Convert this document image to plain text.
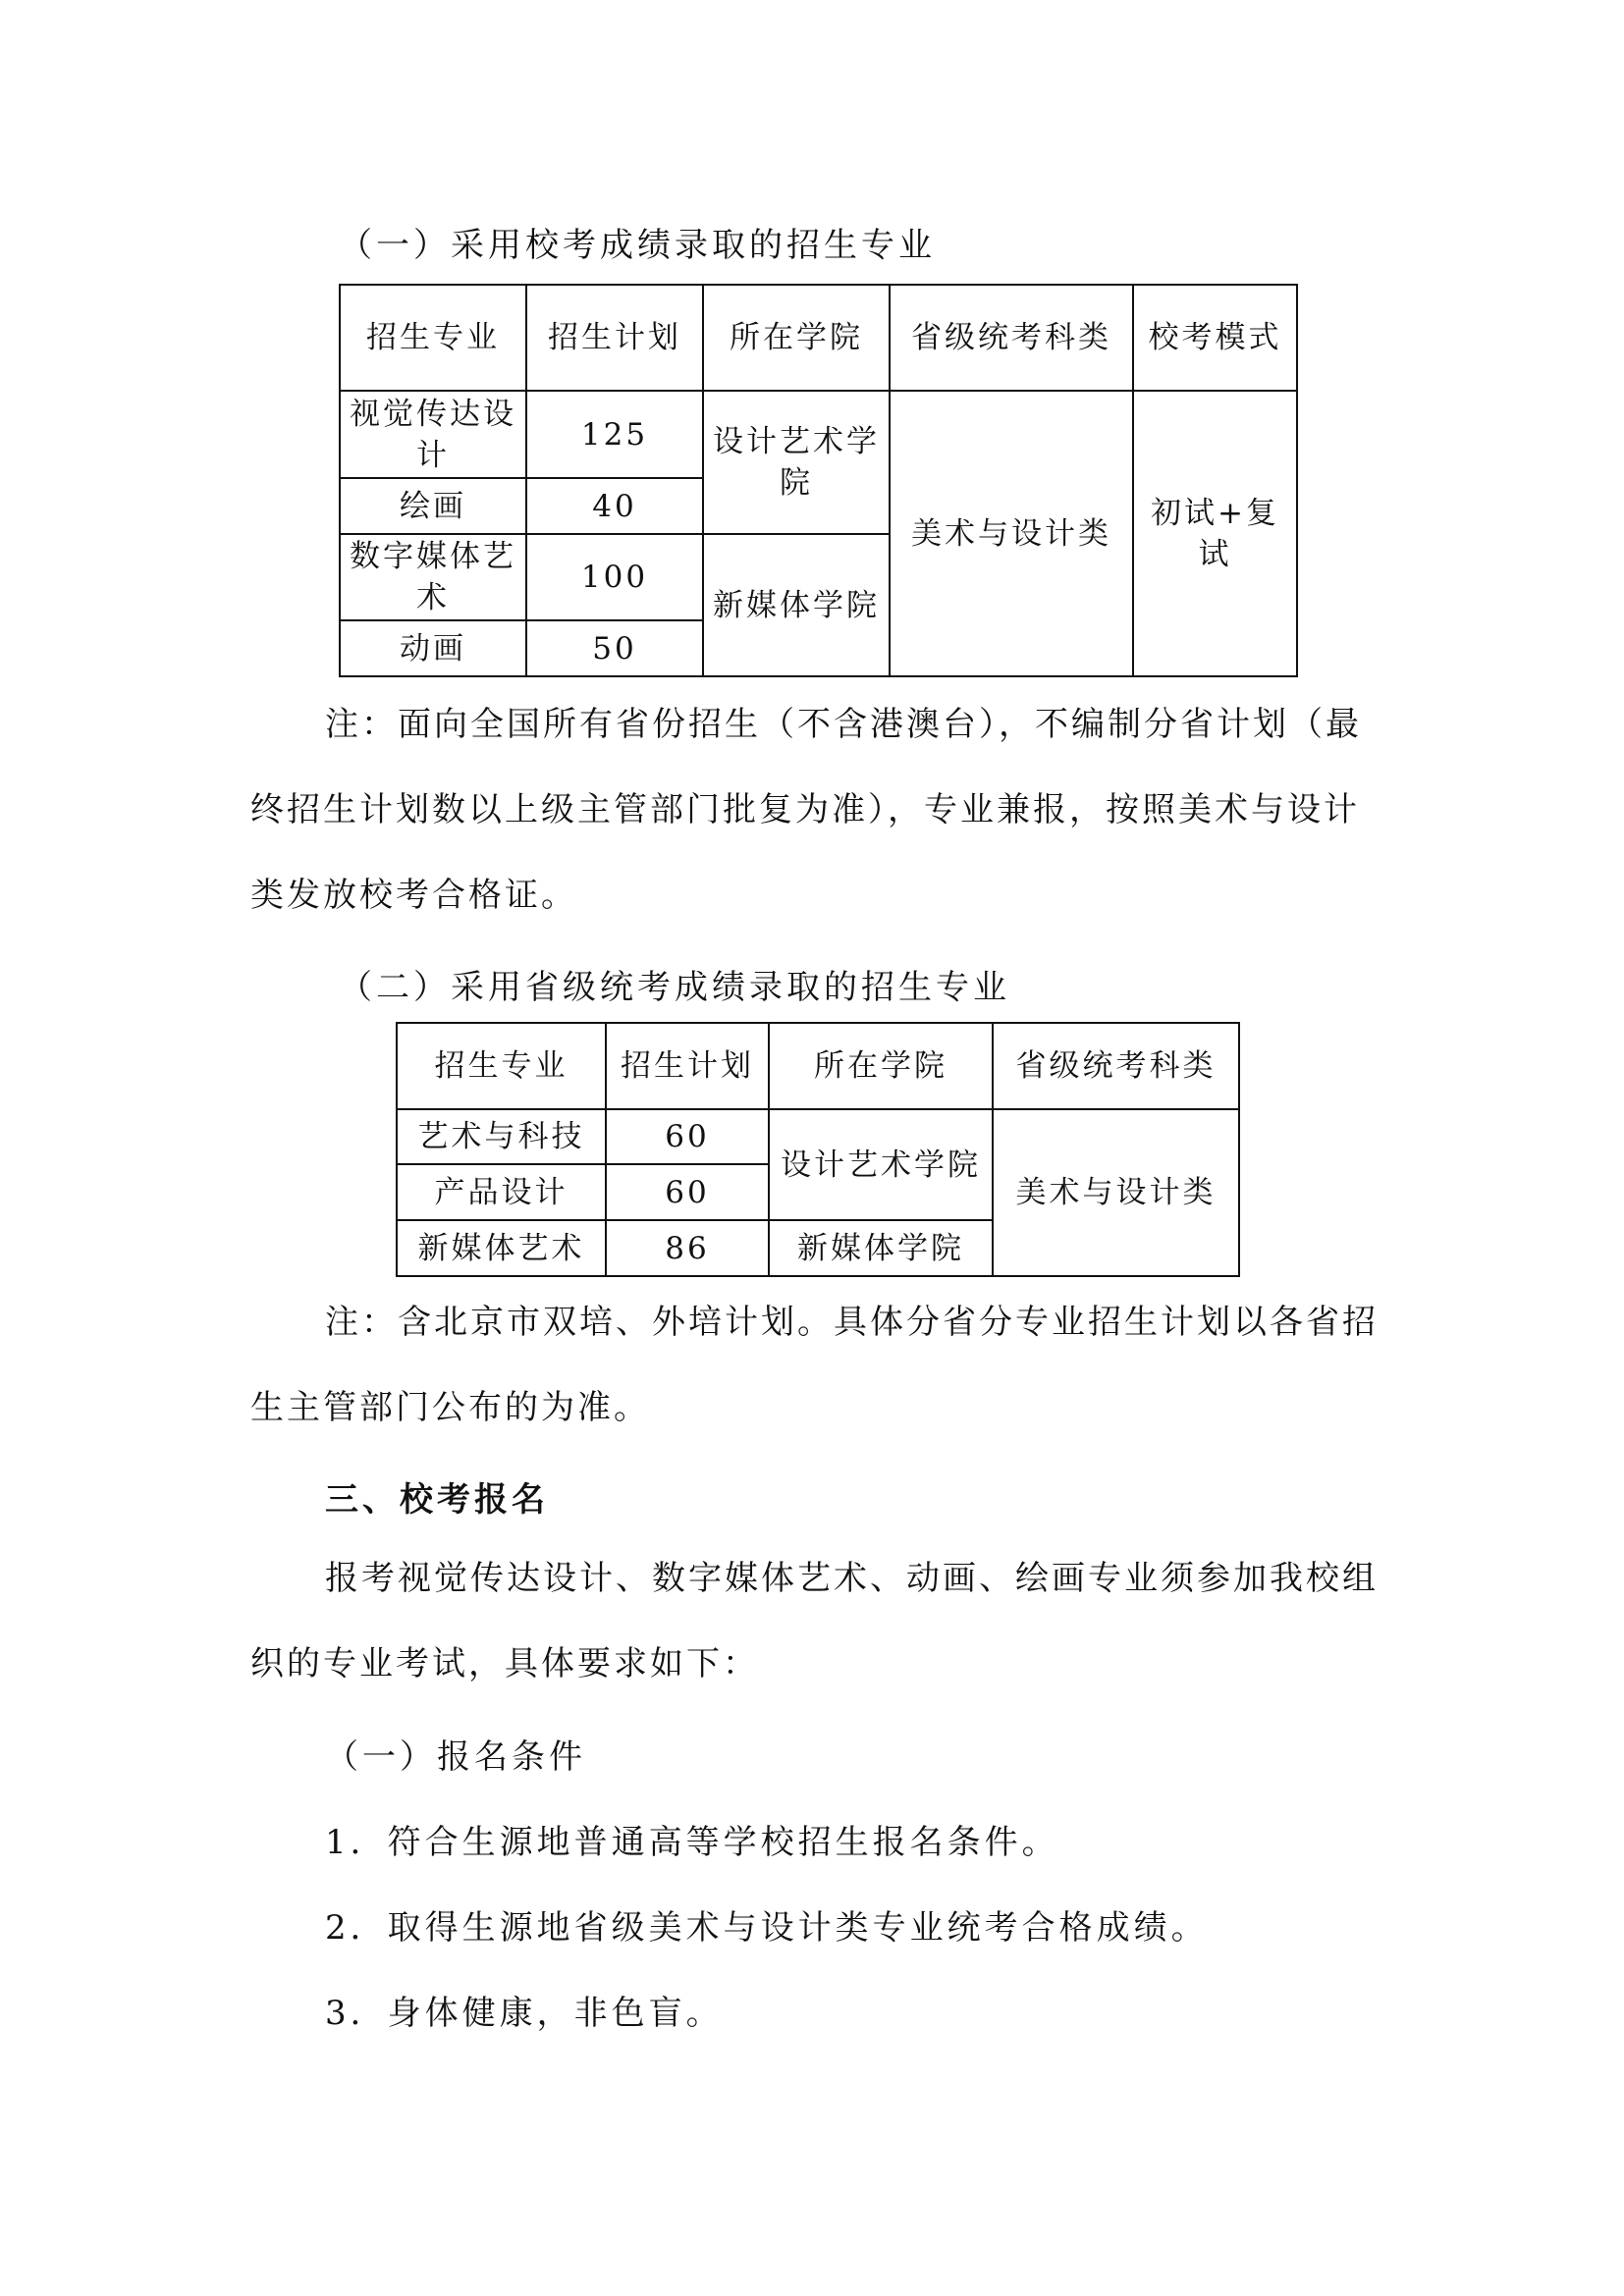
（一）采用校考成绩录取的招生专业
招生专业	招生计划	所在学院	省级统考科类	校考模式
视觉传达设计	125	设计艺术学院	美术与设计类	初试+复试
绘画	40			
数字媒体艺术	100	新媒体学院		
动画	50			

注：面向全国所有省份招生（不含港澳台），不编制分省计划（最终招生计划数以上级主管部门批复为准），专业兼报，按照美术与设计类发放校考合格证。

（二）采用省级统考成绩录取的招生专业
招生专业	招生计划	所在学院	省级统考科类
艺术与科技	60	设计艺术学院	美术与设计类
产品设计	60		
新媒体艺术	86	新媒体学院	

注：含北京市双培、外培计划。具体分省分专业招生计划以各省招生主管部门公布的为准。

三、校考报名

报考视觉传达设计、数字媒体艺术、动画、绘画专业须参加我校组织的专业考试，具体要求如下：

（一）报名条件
1．符合生源地普通高等学校招生报名条件。
2．取得生源地省级美术与设计类专业统考合格成绩。
3．身体健康，非色盲。
